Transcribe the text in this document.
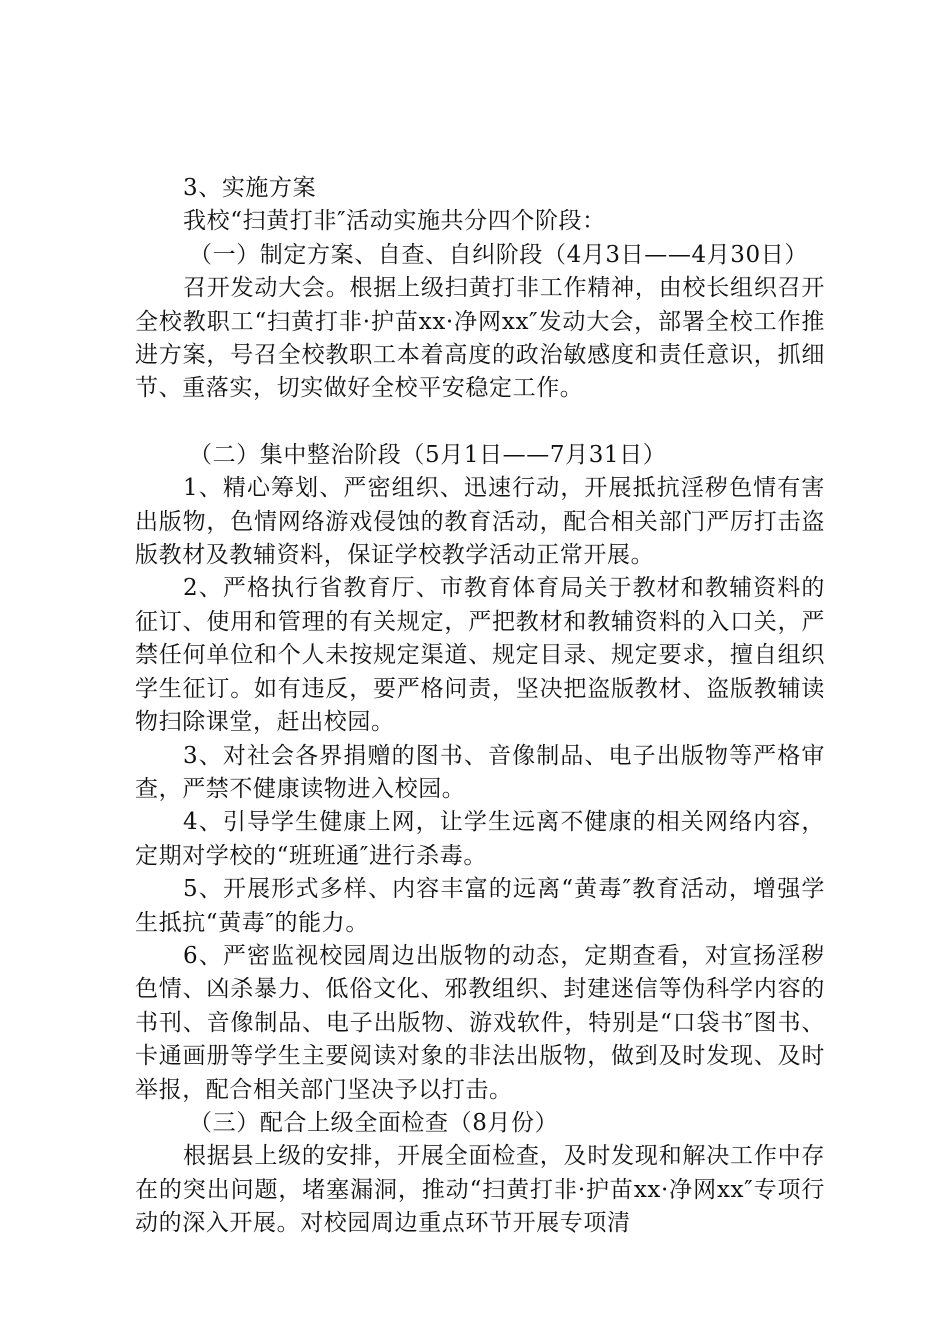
3、实施方案

我校“扫黄打非″活动实施共分四个阶段：

（一）制定方案、自查、自纠阶段（4月3日——4月30日）

召开发动大会。根据上级扫黄打非工作精神，由校长组织召开全校教职工“扫黄打非·护苗xx·净网xx″发动大会，部署全校工作推进方案，号召全校教职工本着高度的政治敏感度和责任意识，抓细节、重落实，切实做好全校平安稳定工作。

（二）集中整治阶段（5月1日——7月31日）

1、精心筹划、严密组织、迅速行动，开展抵抗淫秽色情有害出版物，色情网络游戏侵蚀的教育活动，配合相关部门严厉打击盗版教材及教辅资料，保证学校教学活动正常开展。

2、严格执行省教育厅、市教育体育局关于教材和教辅资料的征订、使用和管理的有关规定，严把教材和教辅资料的入口关，严禁任何单位和个人未按规定渠道、规定目录、规定要求，擅自组织学生征订。如有违反，要严格问责，坚决把盗版教材、盗版教辅读物扫除课堂，赶出校园。

3、对社会各界捐赠的图书、音像制品、电子出版物等严格审查，严禁不健康读物进入校园。

4、引导学生健康上网，让学生远离不健康的相关网络内容，定期对学校的“班班通″进行杀毒。

5、开展形式多样、内容丰富的远离“黄毒″教育活动，增强学生抵抗“黄毒″的能力。

6、严密监视校园周边出版物的动态，定期查看，对宣扬淫秽色情、凶杀暴力、低俗文化、邪教组织、封建迷信等伪科学内容的书刊、音像制品、电子出版物、游戏软件，特别是“口袋书″图书、卡通画册等学生主要阅读对象的非法出版物，做到及时发现、及时举报，配合相关部门坚决予以打击。

（三）配合上级全面检查（8月份）

根据县上级的安排，开展全面检查，及时发现和解决工作中存在的突出问题，堵塞漏洞，推动“扫黄打非·护苗xx·净网xx″专项行动的深入开展。对校园周边重点环节开展专项清
